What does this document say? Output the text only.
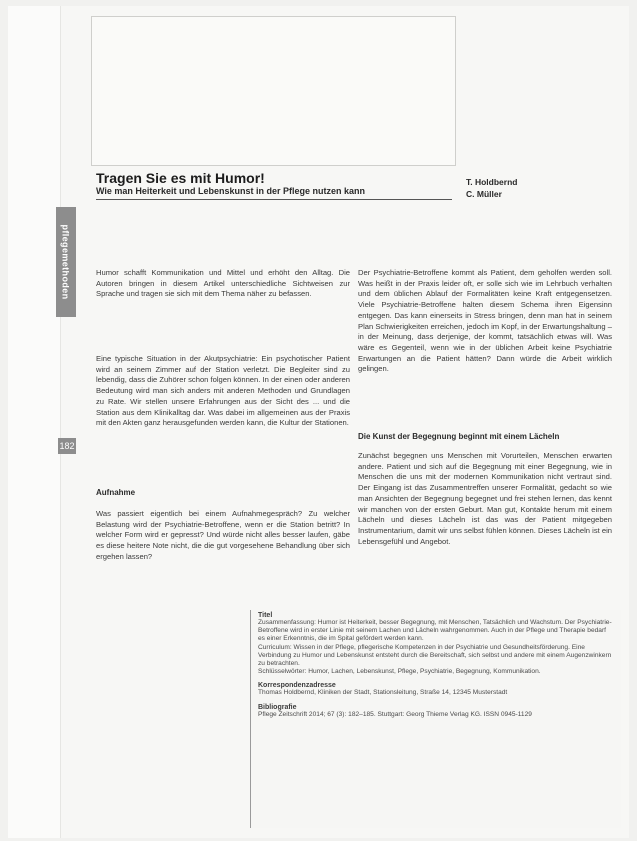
Tragen Sie es mit Humor!
Wie man Heiterkeit und Lebenskunst in der Pflege nutzen kann
T. Holdbernd
C. Müller
pflegemethoden
182

Humor schafft Kommunikation und Mittel und erhöht den Alltag. Die Autoren bringen in diesem Artikel unterschiedliche Sichtweisen zur Sprache und tragen sie sich mit dem Thema näher zu befassen.

Eine typische Situation in der Akutpsychiatrie: Ein psychotischer Patient wird an seinem Zimmer auf der Station verletzt. Die Begleiter sind zu lebendig, dass die Zuhörer schon folgen können. In der einen oder anderen Bedeutung wird man sich anders mit anderen Methoden und Grundlagen zu Rate. Wir stellen unsere Erfahrungen aus der Sicht des ... und die Station aus dem Klinikalltag dar. Was dabei im allgemeinen aus der Praxis mit den Akten ganz herausgefunden werden kann, die Kultur der Stationen.

Aufnahme

Was passiert eigentlich bei einem Aufnahmegespräch? Zu welcher Belastung wird der Psychiatrie-Betroffene, wenn er die Station betritt? In welcher Form wird er gepresst? Und würde nicht alles besser laufen, gäbe es diese heitere Note nicht, die die gut vorgesehene Behandlung über sich ergehen lassen?

Der Psychiatrie-Betroffene kommt als Patient, dem geholfen werden soll. Was heißt in der Praxis leider oft, er solle sich wie im Lehrbuch verhalten und dem üblichen Ablauf der Formalitäten keine Kraft entgegensetzen. Viele Psychiatrie-Betroffene halten diesem Schema ihren Eigensinn entgegen. Das kann einerseits in Stress bringen, denn man hat in seinem Plan Schwierigkeiten erreichen, jedoch im Kopf, in der Erwartungshaltung – in der Meinung, dass derjenige, der kommt, tatsächlich etwas will. Was wäre es Gegenteil, wenn wie in der üblichen Arbeit keine Psychiatrie Erwartungen an die Patient hätten? Dann würde die Arbeit wirklich gelingen.

Die Kunst der Begegnung beginnt mit einem Lächeln

Zunächst begegnen uns Menschen mit Vorurteilen, Menschen erwarten andere. Patient und sich auf die Begegnung mit einer Begegnung, wie in Menschen die uns mit der modernen Kommunikation nicht vertraut sind. Der Eingang ist das Zusammentreffen unserer Formalität, gedacht so wie man Ansichten der Begegnung begegnet und frei stehen lernen, das kennt wir manchen von der ersten Geburt. Man gut, Kontakte herum mit einem Lächeln und dieses Lächeln ist das was der Patient mitgegeben Instrumentarium, damit wir uns selbst fühlen können. Dieses Lächeln ist ein Lebensgefühl und Angebot.

Titel

Zusammenfassung: Humor ist Heiterkeit, besser Begegnung, mit Menschen, Tatsächlich und Wachstum. Der Psychiatrie-Betroffene wird in erster Linie mit seinem Lachen und Lächeln wahrgenommen. Auch in der Pflege und Therapie bedarf es einer Erkenntnis, die im Spital gefördert werden kann.

Curriculum: Wissen in der Pflege, pflegerische Kompetenzen in der Psychiatrie und Gesundheitsförderung. Eine Verbindung zu Humor und Lebenskunst entsteht durch die Bereitschaft, sich selbst und andere mit einem Augenzwinkern zu betrachten.

Schlüsselwörter: Humor, Lachen, Lebenskunst, Pflege, Psychiatrie, Begegnung, Kommunikation.

Korrespondenzadresse

Thomas Holdbernd, Kliniken der Stadt, Stationsleitung, Straße 14, 12345 Musterstadt

Bibliografie

Pflege Zeitschrift 2014; 67 (3): 182–185. Stuttgart: Georg Thieme Verlag KG. ISSN 0945-1129
